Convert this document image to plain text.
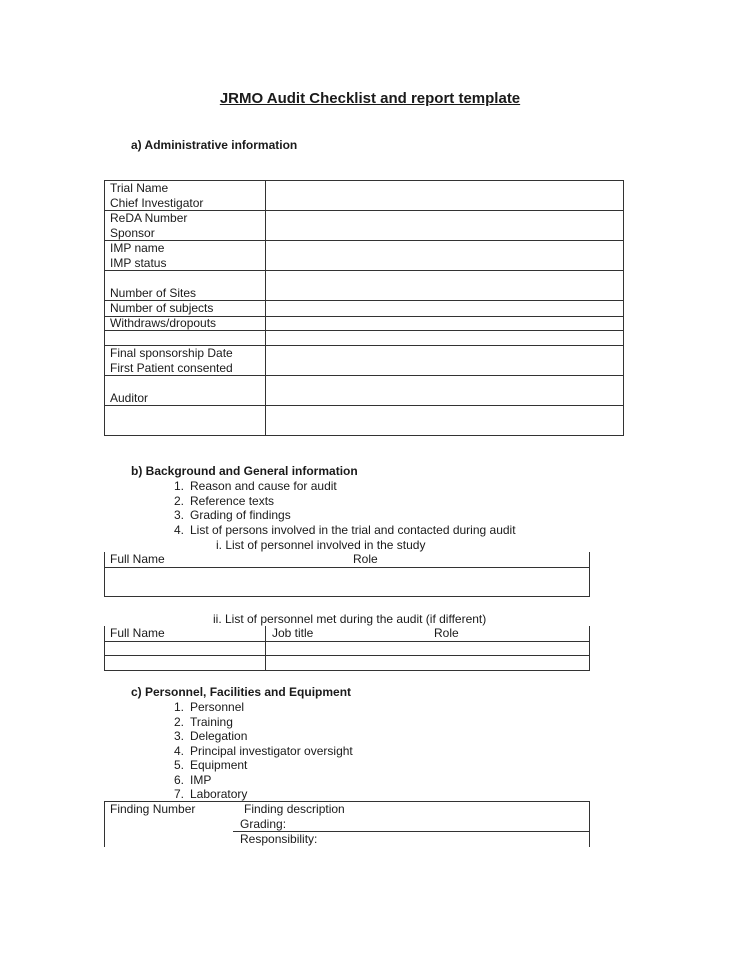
JRMO Audit Checklist and report template
a) Administrative information
Trial Name
Chief Investigator
ReDA Number
Sponsor
IMP name
IMP status
Number of Sites
Number of subjects
Withdraws/dropouts
Final sponsorship Date
First Patient consented
Auditor
b) Background and General information
1. Reason and cause for audit
2. Reference texts
3. Grading of findings
4. List of persons involved in the trial and contacted during audit
i. List of personnel involved in the study
Full Name	Role
ii. List of personnel met during the audit (if different)
Full Name	Job title	Role
c) Personnel, Facilities and Equipment
1. Personnel
2. Training
3. Delegation
4. Principal investigator oversight
5. Equipment
6. IMP
7. Laboratory
Finding Number	Finding description
Grading:
Responsibility:
